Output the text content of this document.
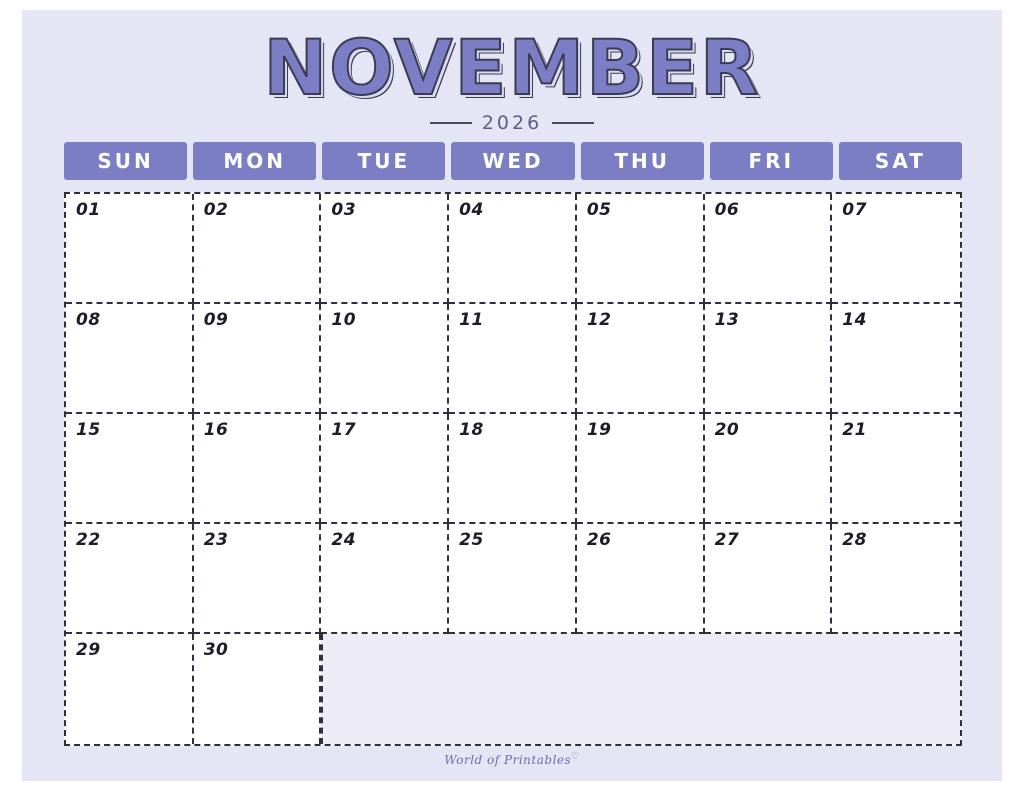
NOVEMBER
2026
SUN	MON	TUE	WED	THU	FRI	SAT
01	02	03	04	05	06	07
08	09	10	11	12	13	14
15	16	17	18	19	20	21
22	23	24	25	26	27	28
29	30
World of Printables♡
